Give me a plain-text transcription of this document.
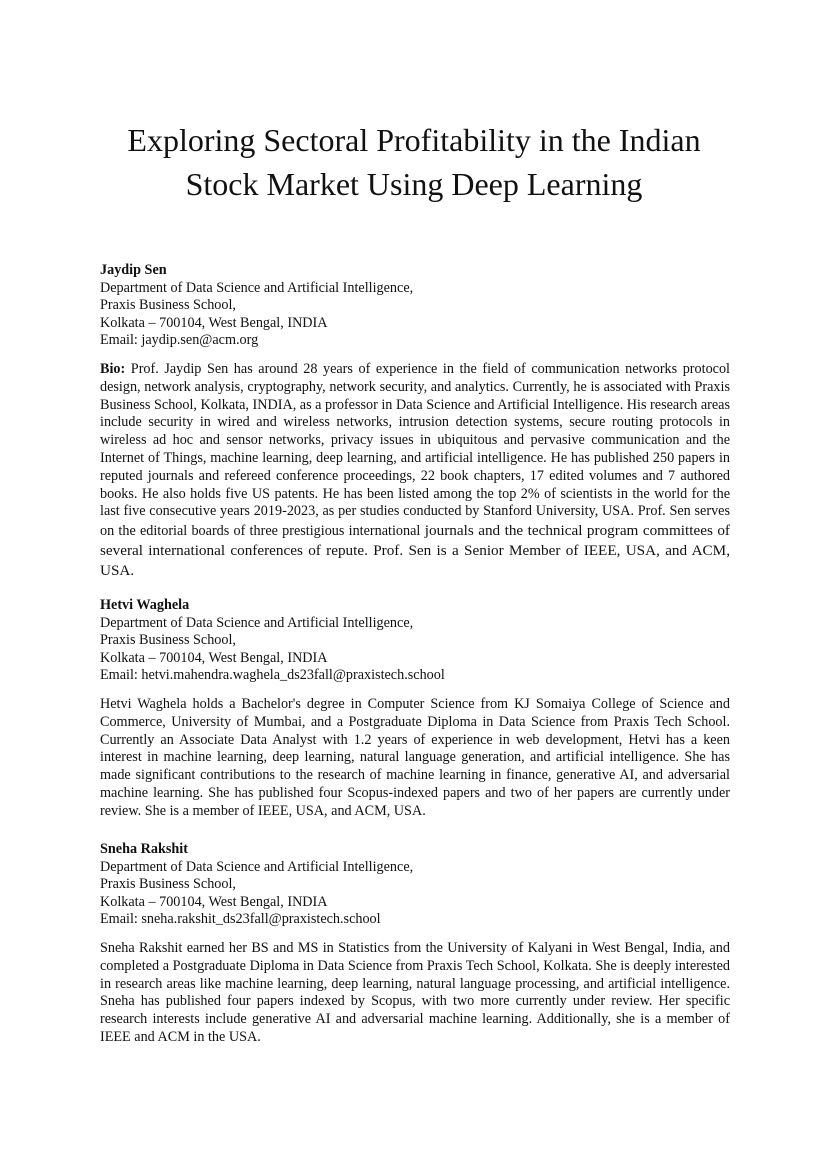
Exploring Sectoral Profitability in the Indian
Stock Market Using Deep Learning
Jaydip Sen
Department of Data Science and Artificial Intelligence,
Praxis Business School,
Kolkata – 700104, West Bengal, INDIA
Email: jaydip.sen@acm.org

Bio: Prof. Jaydip Sen has around 28 years of experience in the field of communication networks protocol design, network analysis, cryptography, network security, and analytics. Currently, he is associated with Praxis Business School, Kolkata, INDIA, as a professor in Data Science and Artificial Intelligence. His research areas include security in wired and wireless networks, intrusion detection systems, secure routing protocols in wireless ad hoc and sensor networks, privacy issues in ubiquitous and pervasive communication and the Internet of Things, machine learning, deep learning, and artificial intelligence. He has published 250 papers in reputed journals and refereed conference proceedings, 22 book chapters, 17 edited volumes and 7 authored books. He also holds five US patents. He has been listed among the top 2% of scientists in the world for the last five consecutive years 2019-2023, as per studies conducted by Stanford University, USA. Prof. Sen serves on the editorial boards of three prestigious international journals and the technical program committees of several international conferences of repute. Prof. Sen is a Senior Member of IEEE, USA, and ACM, USA.

Hetvi Waghela
Department of Data Science and Artificial Intelligence,
Praxis Business School,
Kolkata – 700104, West Bengal, INDIA
Email: hetvi.mahendra.waghela_ds23fall@praxistech.school

Hetvi Waghela holds a Bachelor's degree in Computer Science from KJ Somaiya College of Science and Commerce, University of Mumbai, and a Postgraduate Diploma in Data Science from Praxis Tech School. Currently an Associate Data Analyst with 1.2 years of experience in web development, Hetvi has a keen interest in machine learning, deep learning, natural language generation, and artificial intelligence. She has made significant contributions to the research of machine learning in finance, generative AI, and adversarial machine learning. She has published four Scopus-indexed papers and two of her papers are currently under review. She is a member of IEEE, USA, and ACM, USA.

Sneha Rakshit
Department of Data Science and Artificial Intelligence,
Praxis Business School,
Kolkata – 700104, West Bengal, INDIA
Email: sneha.rakshit_ds23fall@praxistech.school

Sneha Rakshit earned her BS and MS in Statistics from the University of Kalyani in West Bengal, India, and completed a Postgraduate Diploma in Data Science from Praxis Tech School, Kolkata. She is deeply interested in research areas like machine learning, deep learning, natural language processing, and artificial intelligence. Sneha has published four papers indexed by Scopus, with two more currently under review. Her specific research interests include generative AI and adversarial machine learning. Additionally, she is a member of IEEE and ACM in the USA.
